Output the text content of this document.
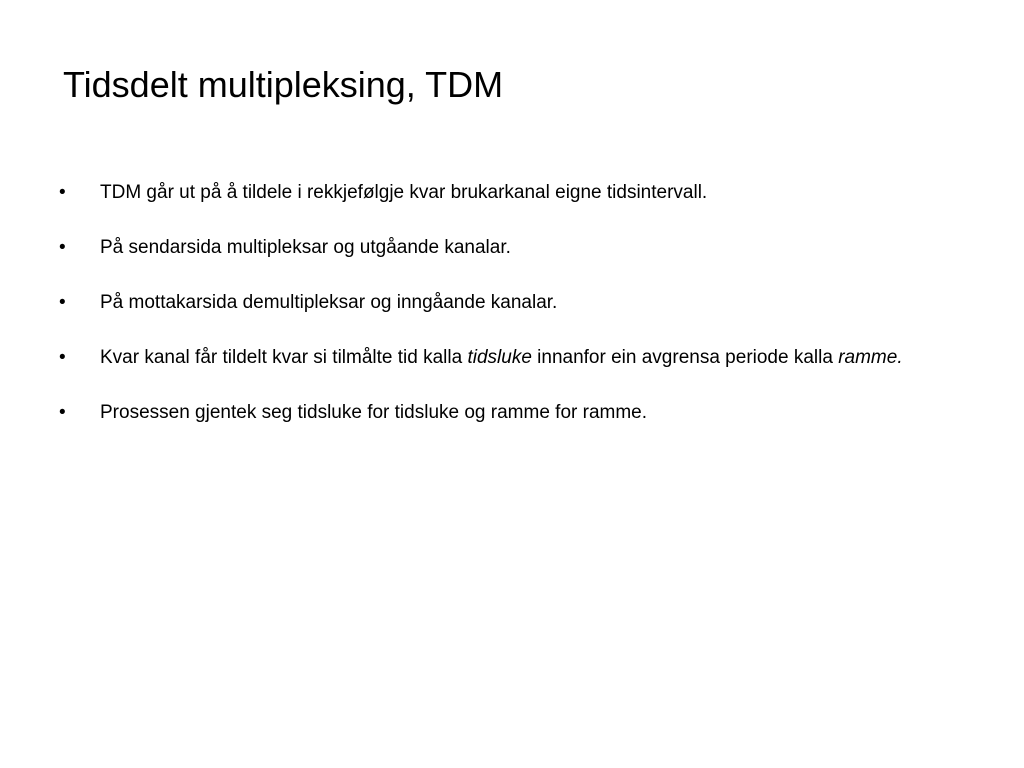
Tidsdelt multipleksing, TDM
•	TDM går ut på å tildele i rekkjefølgje kvar brukarkanal eigne tidsintervall.
•	På sendarsida multipleksar og utgåande kanalar.
•	På mottakarsida demultipleksar og inngåande kanalar.
•	Kvar kanal får tildelt kvar si tilmålte tid kalla tidsluke innanfor ein avgrensa periode kalla ramme.
•	Prosessen gjentek seg tidsluke for tidsluke og ramme for ramme.
